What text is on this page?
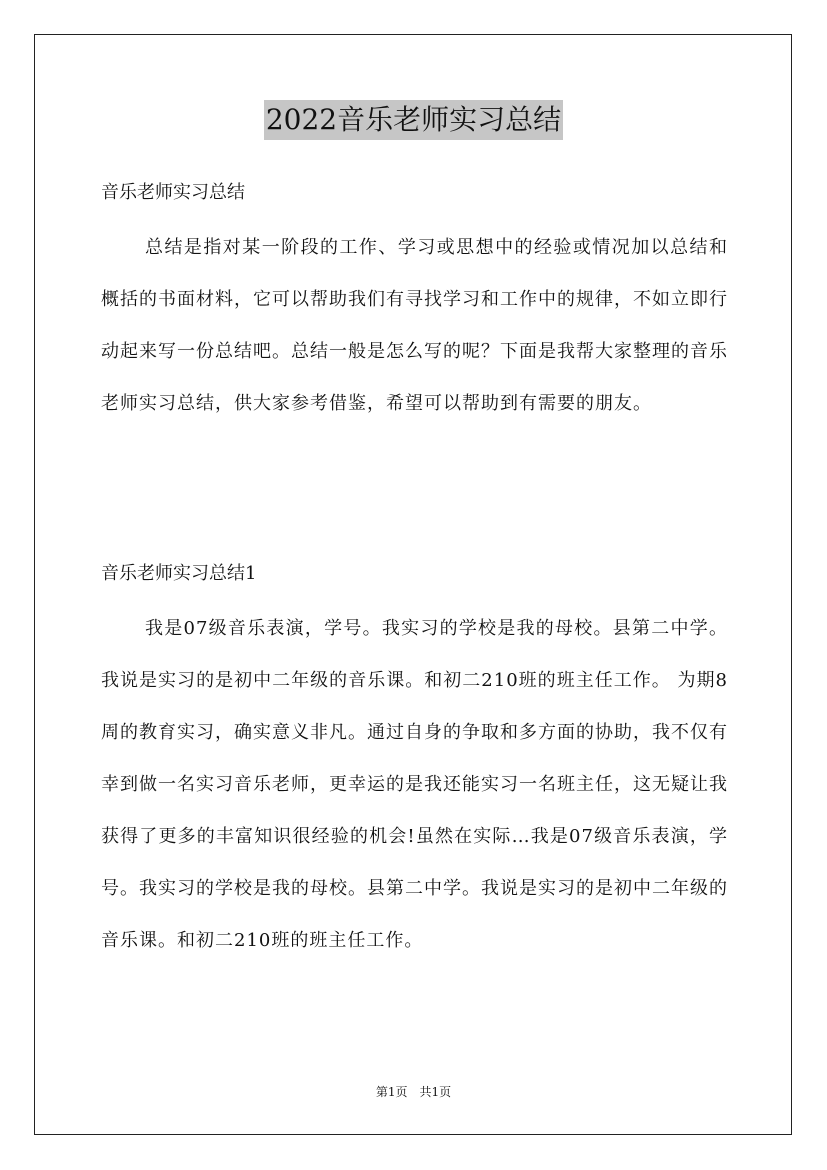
2022音乐老师实习总结
音乐老师实习总结

总结是指对某一阶段的工作、学习或思想中的经验或情况加以总结和概括的书面材料，它可以帮助我们有寻找学习和工作中的规律，不如立即行动起来写一份总结吧。总结一般是怎么写的呢？下面是我帮大家整理的音乐老师实习总结，供大家参考借鉴，希望可以帮助到有需要的朋友。

音乐老师实习总结1

我是07级音乐表演，学号。我实习的学校是我的母校。县第二中学。我说是实习的是初中二年级的音乐课。和初二210班的班主任工作。 为期8周的教育实习，确实意义非凡。通过自身的争取和多方面的协助，我不仅有幸到做一名实习音乐老师，更幸运的是我还能实习一名班主任，这无疑让我获得了更多的丰富知识很经验的机会!虽然在实际…我是07级音乐表演，学号。我实习的学校是我的母校。县第二中学。我说是实习的是初中二年级的音乐课。和初二210班的班主任工作。

第1页　共1页
